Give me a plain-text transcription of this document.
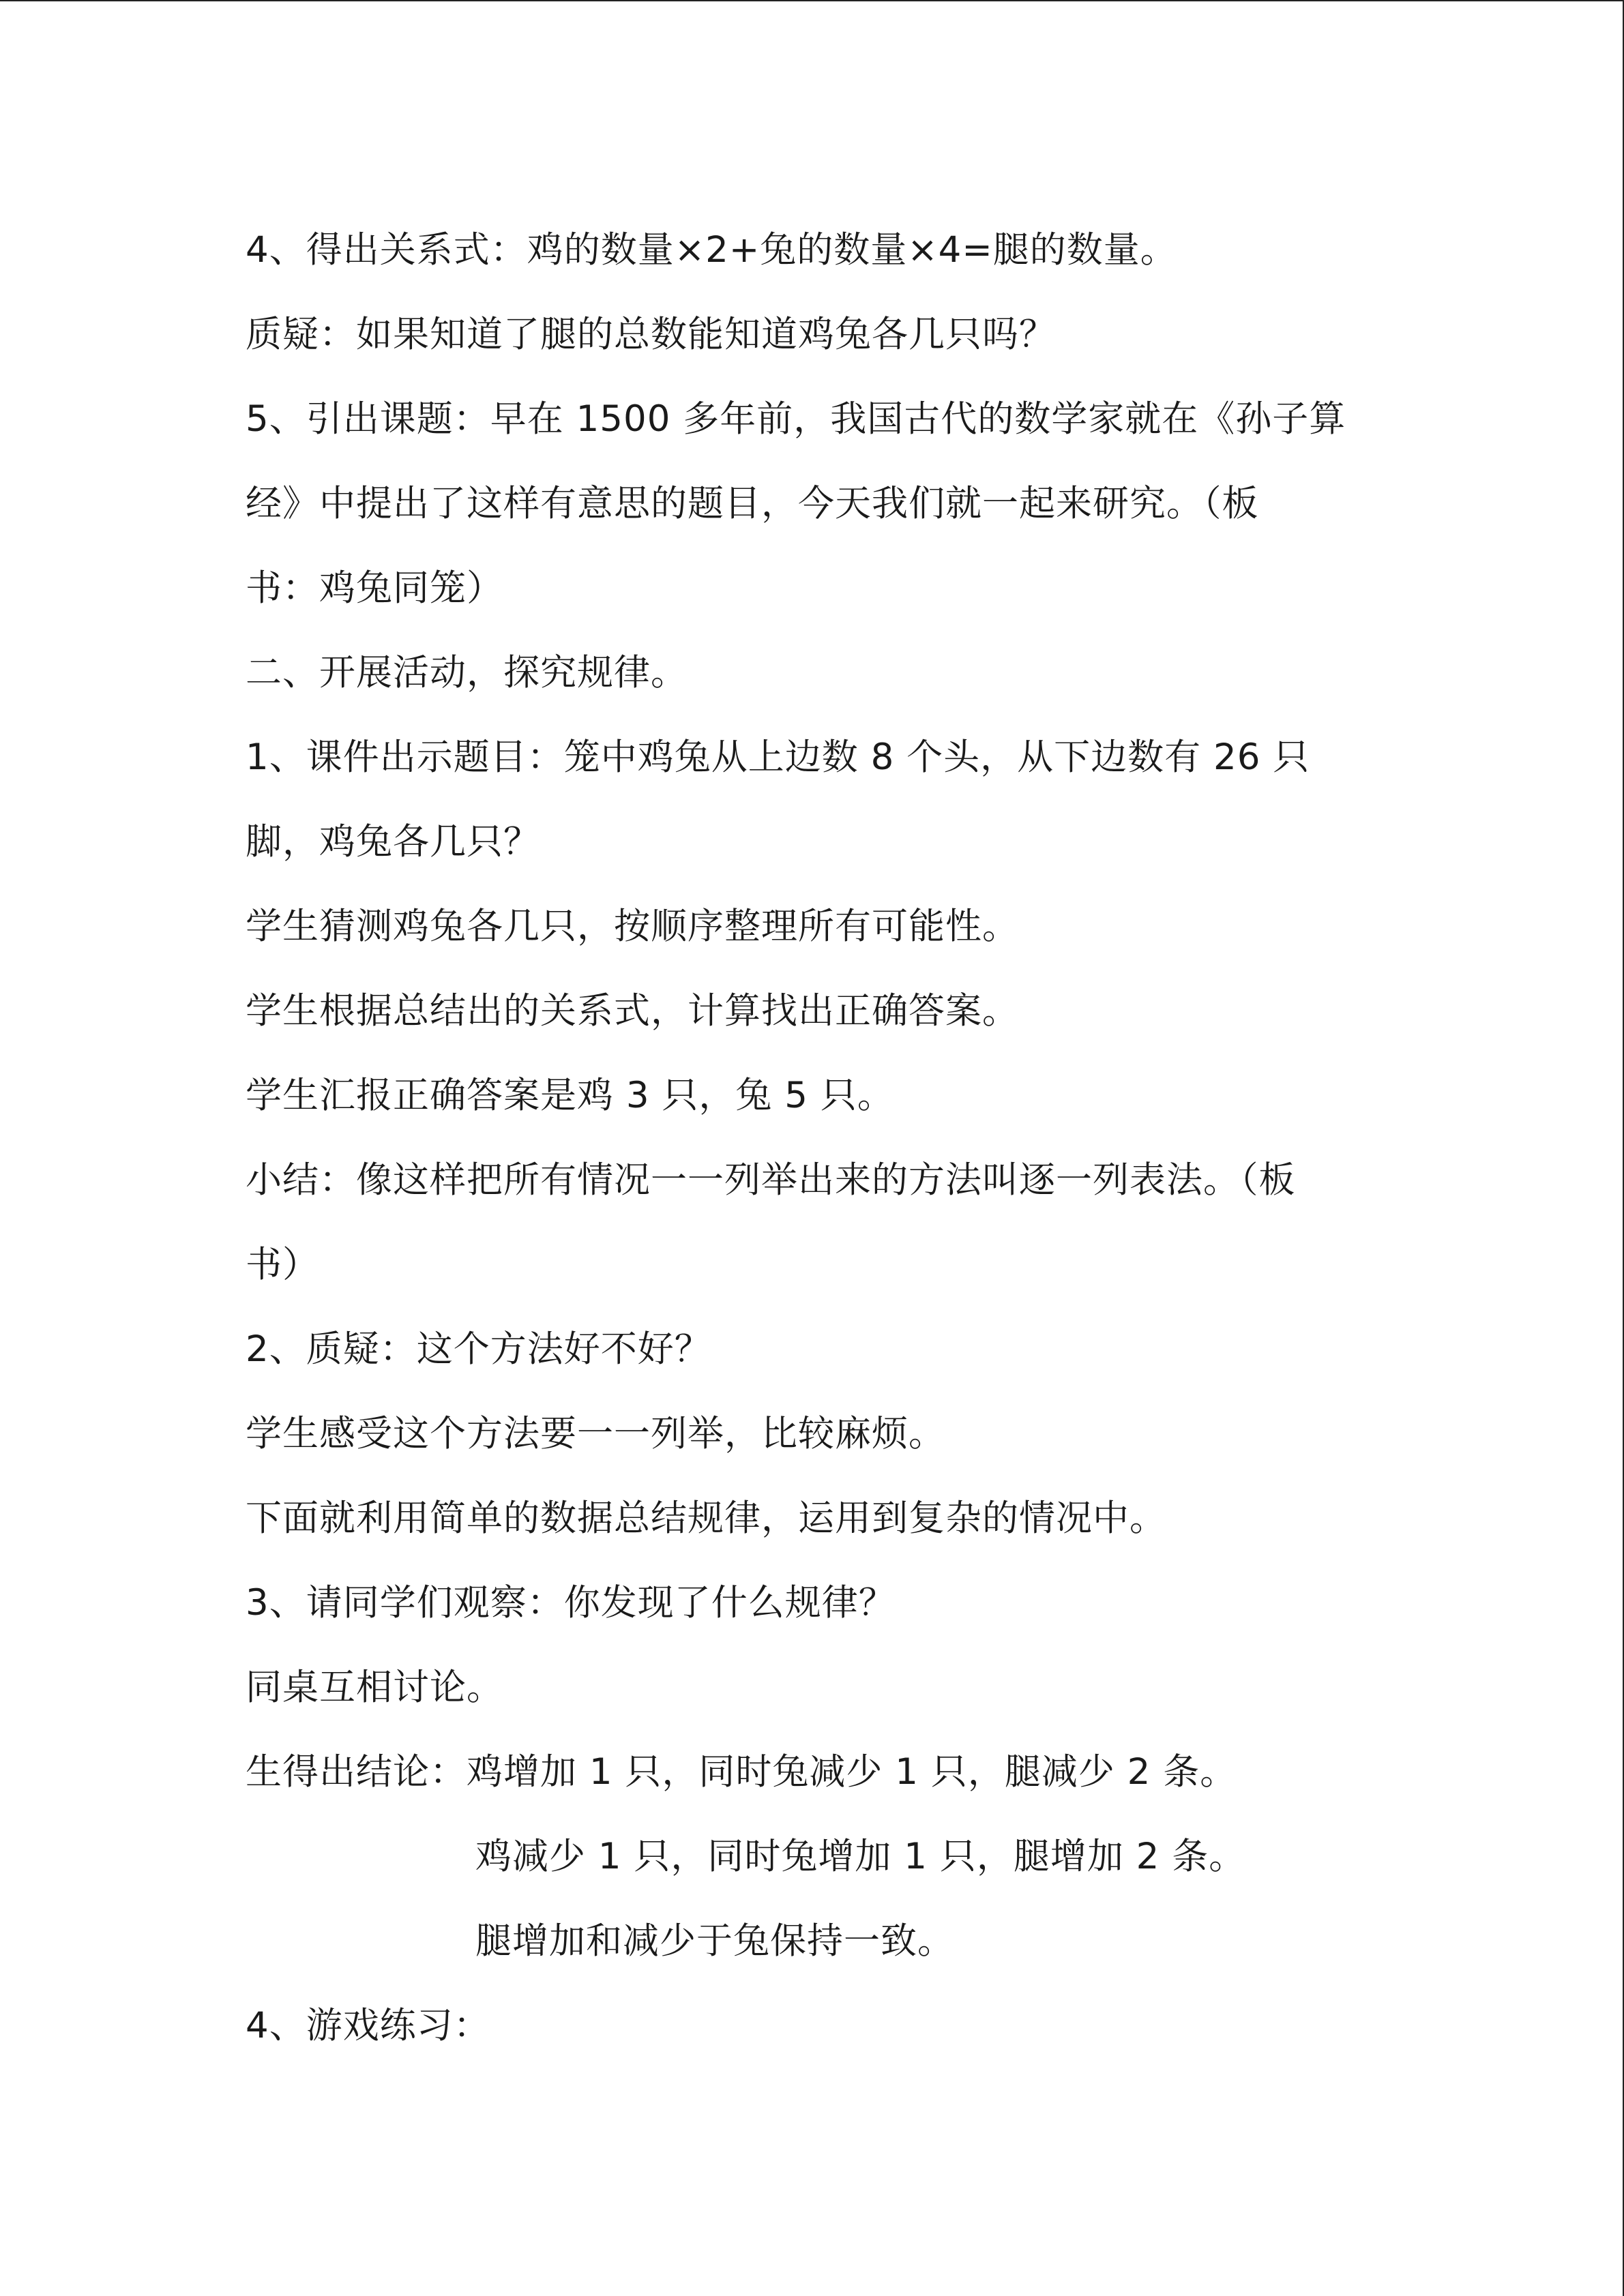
4、得出关系式：鸡的数量×2+兔的数量×4=腿的数量。
质疑：如果知道了腿的总数能知道鸡兔各几只吗？
5、引出课题：早在 1500 多年前，我国古代的数学家就在《孙子算
经》中提出了这样有意思的题目，今天我们就一起来研究。（板
书：鸡兔同笼）
二、开展活动，探究规律。
1、课件出示题目：笼中鸡兔从上边数 8 个头，从下边数有 26 只
脚，鸡兔各几只？
学生猜测鸡兔各几只，按顺序整理所有可能性。
学生根据总结出的关系式，计算找出正确答案。
学生汇报正确答案是鸡 3 只，兔 5 只。
小结：像这样把所有情况一一列举出来的方法叫逐一列表法。（板
书）
2、质疑：这个方法好不好？
学生感受这个方法要一一列举，比较麻烦。
下面就利用简单的数据总结规律，运用到复杂的情况中。
3、请同学们观察：你发现了什么规律？
同桌互相讨论。
生得出结论：鸡增加 1 只，同时兔减少 1 只，腿减少 2 条。
鸡减少 1 只，同时兔增加 1 只，腿增加 2 条。
腿增加和减少于兔保持一致。
4、游戏练习：
